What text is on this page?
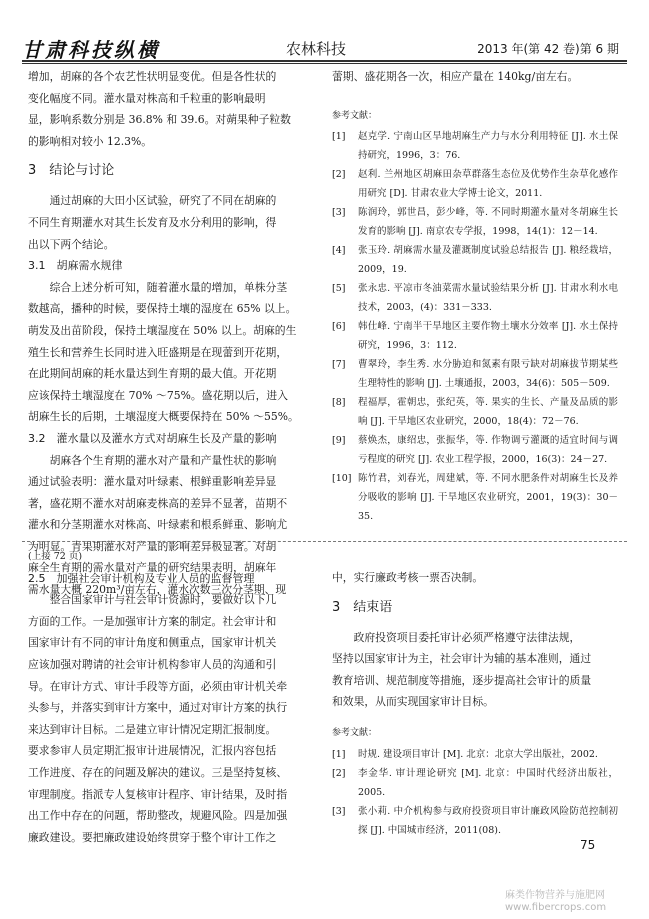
甘肃科技纵横	农林科技	2013 年(第 42 卷)第 6 期

增加，胡麻的各个农艺性状明显变优。但是各性状的

变化幅度不同。灌水量对株高和千粒重的影响最明

显，影响系数分别是 36.8% 和 39.6。对蒴果种子粒数

的影响相对较小 12.3%。

3　结论与讨论

通过胡麻的大田小区试验，研究了不同在胡麻的

不同生育期灌水对其生长发育及水分利用的影响，得

出以下两个结论。

3.1　胡麻需水规律

综合上述分析可知，随着灌水量的增加，单株分茎

数越高，播种的时候，要保持土壤的湿度在 65% 以上。

萌发及出苗阶段，保持土壤湿度在 50% 以上。胡麻的生

殖生长和营养生长同时进入旺盛期是在现蕾到开花期，

在此期间胡麻的耗水量达到生育期的最大值。开花期

应该保持土壤湿度在 70% ～75%。盛花期以后，进入

胡麻生长的后期，土壤湿度大概要保持在 50% ～55%。

3.2　灌水量以及灌水方式对胡麻生长及产量的影响

胡麻各个生育期的灌水对产量和产量性状的影响

通过试验表明：灌水量对叶绿素、根鲜重影响差异显

著，盛花期不灌水对胡麻麦株高的差异不显著，苗期不

灌水和分茎期灌水对株高、叶绿素和根系鲜重、影响尤

为明显。青果期灌水对产量的影响差异极显著。对胡

麻全生育期的需水量对产量的研究结果表明，胡麻年

需水量大概 220m³/亩左右，灌水次数三次分茎期、现

蕾期、盛花期各一次，相应产量在 140kg/亩左右。

参考文献：

[1] 赵克学. 宁南山区旱地胡麻生产力与水分利用特征 [J]. 水土保持研究，1996，3：76.

[2] 赵利. 兰州地区胡麻田杂草群落生态位及优势作生杂草化感作用研究 [D]. 甘肃农业大学博士论文，2011.

[3] 陈润玲，郭世昌，彭少峰，等. 不同时期灌水量对冬胡麻生长发育的影响 [J]. 南京农专学报，1998，14(1)：12－14.

[4] 张玉玲. 胡麻需水量及灌溉制度试验总结报告 [J]. 粮经栽培，2009，19.

[5] 张永忠. 平凉市冬油菜需水量试验结果分析 [J]. 甘肃水利水电技术，2003，(4)：331－333.

[6] 韩仕峰. 宁南半干旱地区主要作物土壤水分效率 [J]. 水土保持研究，1996，3：112.

[7] 曹翠玲，李生秀. 水分胁迫和氮素有限亏缺对胡麻拔节期某些生理特性的影响 [J]. 土壤通报，2003，34(6)：505－509.

[8] 程福厚，霍朝忠，张纪英，等. 果实的生长、产量及品质的影响 [J]. 干旱地区农业研究，2000，18(4)：72－76.

[9] 蔡焕杰，康绍忠，张振华，等. 作物调亏灌溉的适宜时间与调亏程度的研究 [J]. 农业工程学报，2000，16(3)：24－27.

[10] 陈竹君，刘春光，周建斌，等. 不同水肥条件对胡麻生长及养分吸收的影响 [J]. 干旱地区农业研究，2001，19(3)：30－35.

(上接 72 页)

2.5　加强社会审计机构及专业人员的监督管理

整合国家审计与社会审计资源时，要做好以下几

方面的工作。一是加强审计方案的制定。社会审计和

国家审计有不同的审计角度和侧重点，国家审计机关

应该加强对聘请的社会审计机构参审人员的沟通和引

导。在审计方式、审计手段等方面，必须由审计机关牵

头参与，并落实到审计方案中，通过对审计方案的执行

来达到审计目标。二是建立审计情况定期汇报制度。

要求参审人员定期汇报审计进展情况，汇报内容包括

工作进度、存在的问题及解决的建议。三是坚持复核、

审理制度。指派专人复核审计程序、审计结果，及时指

出工作中存在的问题，帮助整改，规避风险。四是加强

廉政建设。要把廉政建设始终贯穿于整个审计工作之

中，实行廉政考核一票否决制。

3　结束语

政府投资项目委托审计必须严格遵守法律法规，

坚持以国家审计为主，社会审计为辅的基本准则，通过

教育培训、规范制度等措施，逐步提高社会审计的质量

和效果，从而实现国家审计目标。

参考文献：

[1] 时规. 建设项目审计 [M]. 北京：北京大学出版社，2002.

[2] 李金华. 审计理论研究 [M]. 北京：中国时代经济出版社，2005.

[3] 张小莉. 中介机构参与政府投资项目审计廉政风险防范控制初探 [J]. 中国城市经济，2011(08).

75
麻类作物营养与施肥网
www.fibercrops.com
